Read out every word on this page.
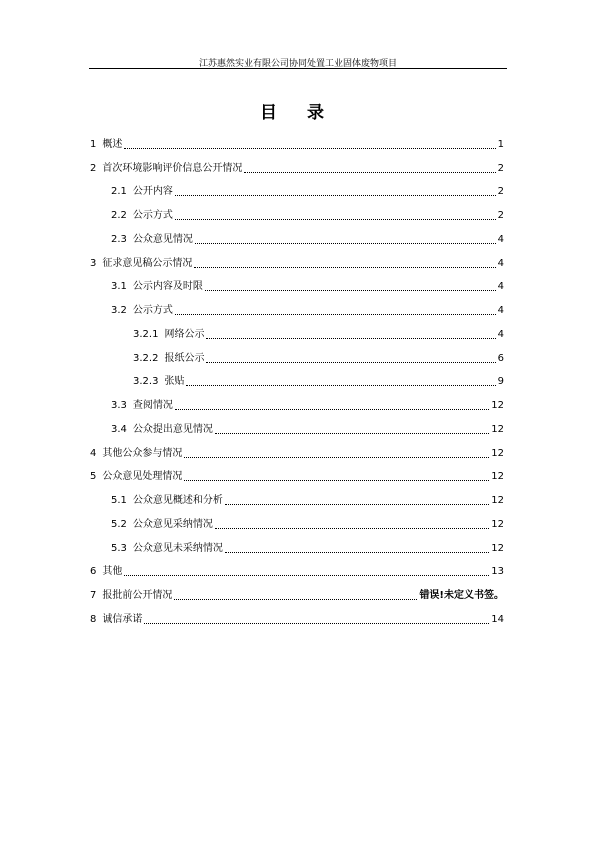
江苏惠然实业有限公司协同处置工业固体废物项目
目 录
1 概述	1
2 首次环境影响评价信息公开情况	2
2.1 公开内容	2
2.2 公示方式	2
2.3 公众意见情况	4
3 征求意见稿公示情况	4
3.1 公示内容及时限	4
3.2 公示方式	4
3.2.1 网络公示	4
3.2.2 报纸公示	6
3.2.3 张贴	9
3.3 查阅情况	12
3.4 公众提出意见情况	12
4 其他公众参与情况	12
5 公众意见处理情况	12
5.1 公众意见概述和分析	12
5.2 公众意见采纳情况	12
5.3 公众意见未采纳情况	12
6 其他	13
7 报批前公开情况	错误!未定义书签。
8 诚信承诺	14
